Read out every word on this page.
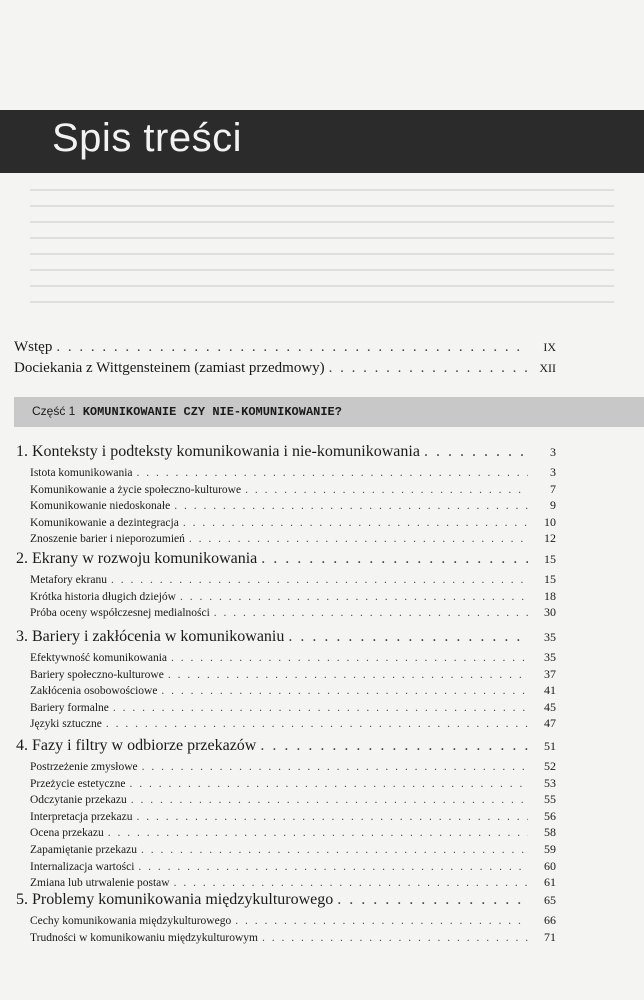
Spis treści
Wstęp . . .	IX
Dociekania z Wittgensteinem (zamiast przedmowy) . . .	XII
Część 1 KOMUNIKOWANIE CZY NIE-KOMUNIKOWANIE?
1. Konteksty i podteksty komunikowania i nie-komunikowania . . .	3
Istota komunikowania . . .	3
Komunikowanie a życie społeczno-kulturowe . . .	7
Komunikowanie niedoskonałe . . .	9
Komunikowanie a dezintegracja . . .	10
Znoszenie barier i nieporozumień . . .	12
2. Ekrany w rozwoju komunikowania . . .	15
Metafory ekranu . . .	15
Krótka historia długich dziejów . . .	18
Próba oceny współczesnej medialności . . .	30
3. Bariery i zakłócenia w komunikowaniu . . .	35
Efektywność komunikowania . . .	35
Bariery społeczno-kulturowe . . .	37
Zakłócenia osobowościowe . . .	41
Bariery formalne . . .	45
Języki sztuczne . . .	47
4. Fazy i filtry w odbiorze przekazów . . .	51
Postrzeżenie zmysłowe . . .	52
Przeżycie estetyczne . . .	53
Odczytanie przekazu . . .	55
Interpretacja przekazu . . .	56
Ocena przekazu . . .	58
Zapamiętanie przekazu . . .	59
Internalizacja wartości . . .	60
Zmiana lub utrwalenie postaw . . .	61
5. Problemy komunikowania międzykulturowego . . .	65
Cechy komunikowania międzykulturowego . . .	66
Trudności w komunikowaniu międzykulturowym . . .	71
